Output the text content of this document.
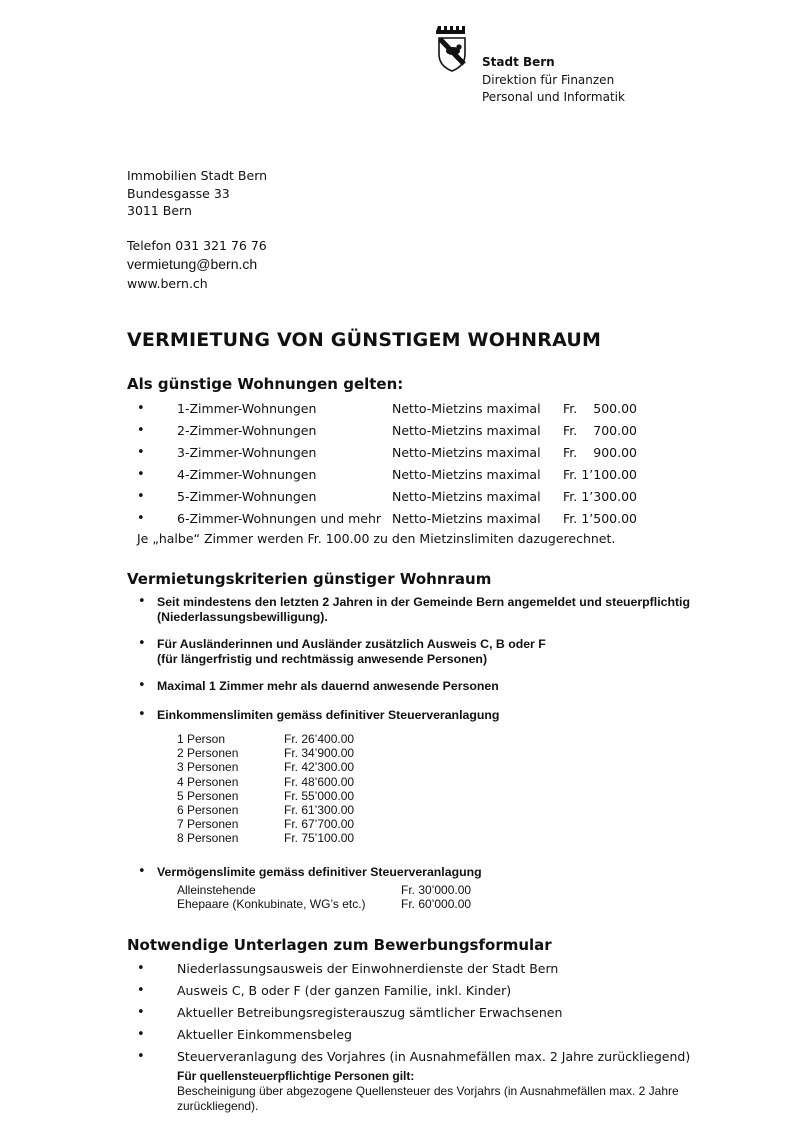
Stadt Bern
Direktion für Finanzen
Personal und Informatik
Immobilien Stadt Bern
Bundesgasse 33
3011 Bern
Telefon 031 321 76 76
vermietung@bern.ch
www.bern.ch
VERMIETUNG VON GÜNSTIGEM WOHNRAUM
Als günstige Wohnungen gelten:
•	1-Zimmer-Wohnungen	Netto-Mietzins maximal Fr.	500.00
•	2-Zimmer-Wohnungen	Netto-Mietzins maximal Fr.	700.00
•	3-Zimmer-Wohnungen	Netto-Mietzins maximal Fr.	900.00
•	4-Zimmer-Wohnungen	Netto-Mietzins maximal Fr. 1’100.00
•	5-Zimmer-Wohnungen	Netto-Mietzins maximal Fr. 1’300.00
•	6-Zimmer-Wohnungen und mehr Netto-Mietzins maximal Fr. 1’500.00
Je „halbe“ Zimmer werden Fr. 100.00 zu den Mietzinslimiten dazugerechnet.
Vermietungskriterien günstiger Wohnraum
• Seit mindestens den letzten 2 Jahren in der Gemeinde Bern angemeldet und steuerpflichtig
(Niederlassungsbewilligung).
• Für Ausländerinnen und Ausländer zusätzlich Ausweis C, B oder F
(für längerfristig und rechtmässig anwesende Personen)
• Maximal 1 Zimmer mehr als dauernd anwesende Personen
• Einkommenslimiten gemäss definitiver Steuerveranlagung
1 Person	Fr. 26’400.00
2 Personen	Fr. 34’900.00
3 Personen	Fr. 42’300.00
4 Personen	Fr. 48’600.00
5 Personen	Fr. 55’000.00
6 Personen	Fr. 61’300.00
7 Personen	Fr. 67’700.00
8 Personen	Fr. 75’100.00
• Vermögenslimite gemäss definitiver Steuerveranlagung
Alleinstehende	Fr. 30’000.00
Ehepaare (Konkubinate, WG’s etc.)	Fr. 60’000.00
Notwendige Unterlagen zum Bewerbungsformular
•	Niederlassungsausweis der Einwohnerdienste der Stadt Bern
•	Ausweis C, B oder F (der ganzen Familie, inkl. Kinder)
•	Aktueller Betreibungsregisterauszug sämtlicher Erwachsenen
•	Aktueller Einkommensbeleg
•	Steuerveranlagung des Vorjahres (in Ausnahmefällen max. 2 Jahre zurückliegend)
Für quellensteuerpflichtige Personen gilt:
Bescheinigung über abgezogene Quellensteuer des Vorjahrs (in Ausnahmefällen max. 2 Jahre
zurückliegend).
